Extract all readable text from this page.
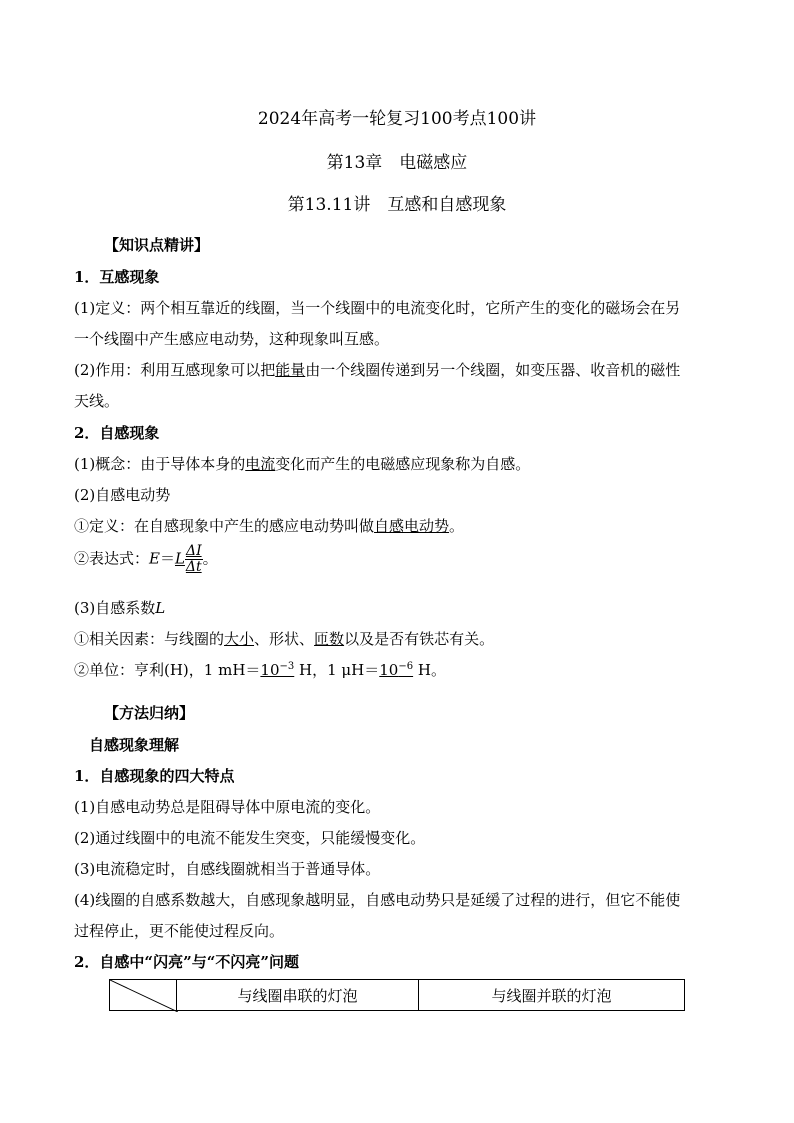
2024年高考一轮复习100考点100讲
第13章　电磁感应
第13.11讲　互感和自感现象
【知识点精讲】
1．互感现象
(1)定义：两个相互靠近的线圈，当一个线圈中的电流变化时，它所产生的变化的磁场会在另
一个线圈中产生感应电动势，这种现象叫互感。
(2)作用：利用互感现象可以把能量由一个线圈传递到另一个线圈，如变压器、收音机的磁性
天线。
2．自感现象
(1)概念：由于导体本身的电流变化而产生的电磁感应现象称为自感。
(2)自感电动势
①定义：在自感现象中产生的感应电动势叫做自感电动势。
②表达式：$E=L \frac{\Delta I}{\Delta t}$ 。
(3)自感系数L
①相关因素：与线圈的大小、形状、匝数以及是否有铁芯有关。
②单位：亨利(H)，1 $mH=10^{-3}$ H，1 $\mu H=10^{-6}$ H。
【方法归纳】
自感现象理解
1．自感现象的四大特点
(1)自感电动势总是阻碍导体中原电流的变化。
(2)通过线圈中的电流不能发生突变，只能缓慢变化。
(3)电流稳定时，自感线圈就相当于普通导体。
(4)线圈的自感系数越大，自感现象越明显，自感电动势只是延缓了过程的进行，但它不能使
过程停止，更不能使过程反向。
2．自感中“闪亮”与“不闪亮”问题
	与线圈串联的灯泡	与线圈并联的灯泡
